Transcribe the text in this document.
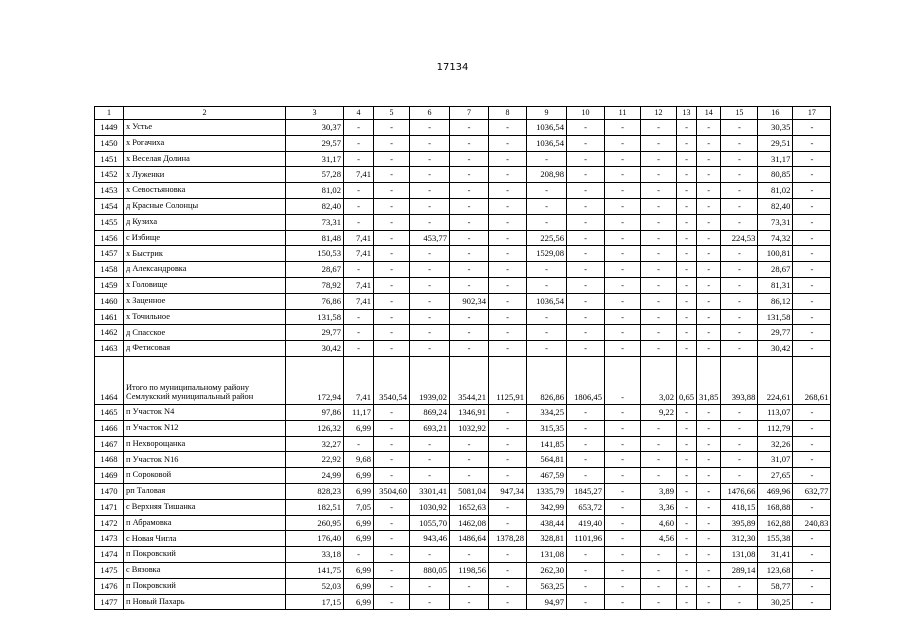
17134
1	2	3	4	5	6	7	8	9	10	11	12	13	14	15	16	17
1449	х Устье	30,37	-	-	-	-	-	1036,54	-	-	-	-	-	-	30,35	-
1450	х Рогачиха	29,57	-	-	-	-	-	1036,54	-	-	-	-	-	-	29,51	-
1451	х Веселая Долина	31,17	-	-	-	-	-	-	-	-	-	-	-	-	31,17	-
1452	х Луженки	57,28	7,41	-	-	-	-	208,98	-	-	-	-	-	-	80,85	-
1453	х Севостьяновка	81,02	-	-	-	-	-	-	-	-	-	-	-	-	81,02	-
1454	д Красные Солонцы	82,40	-	-	-	-	-	-	-	-	-	-	-	-	82,40	-
1455	д Кузиха	73,31	-	-	-	-	-	-	-	-	-	-	-	-	73,31	-
1456	с Избище	81,48	7,41	-	453,77	-	-	225,56	-	-	-	-	-	224,53	74,32	-
1457	х Быстрик	150,53	7,41	-	-	-	-	1529,08	-	-	-	-	-	-	100,81	-
1458	д Александровка	28,67	-	-	-	-	-	-	-	-	-	-	-	-	28,67	-
1459	х Головище	78,92	7,41	-	-	-	-	-	-	-	-	-	-	-	81,31	-
1460	х Заценное	76,86	7,41	-	-	902,34	-	1036,54	-	-	-	-	-	-	86,12	-
1461	х Точильное	131,58	-	-	-	-	-	-	-	-	-	-	-	-	131,58	-
1462	д Спасское	29,77	-	-	-	-	-	-	-	-	-	-	-	-	29,77	-
1463	д Фетисовая	30,42	-	-	-	-	-	-	-	-	-	-	-	-	30,42	-
1464	Итого по муниципальному району Семлукский муниципальный район	172,94	7,41	3540,54	1939,02	3544,21	1125,91	826,86	1806,45	-	3,02	0,65	31,85	393,88	224,61	268,61
1465	п Участок N4	97,86	11,17	-	869,24	1346,91	-	334,25	-	-	9,22	-	-	-	113,07	-
1466	п Участок N12	126,32	6,99	-	693,21	1032,92	-	315,35	-	-	-	-	-	-	112,79	-
1467	п Нехворощанка	32,27	-	-	-	-	-	141,85	-	-	-	-	-	-	32,26	-
1468	п Участок N16	22,92	9,68	-	-	-	-	564,81	-	-	-	-	-	-	31,07	-
1469	п Сороковой	24,99	6,99	-	-	-	-	467,59	-	-	-	-	-	-	27,65	-
1470	рп Таловая	828,23	6,99	3504,60	3301,41	5081,04	947,34	1335,79	1845,27	-	3,89	-	-	1476,66	469,96	632,77
1471	с Верхняя Тишанка	182,51	7,05	-	1030,92	1652,63	-	342,99	653,72	-	3,36	-	-	418,15	168,88	-
1472	п Абрамовка	260,95	6,99	-	1055,70	1462,08	-	438,44	419,40	-	4,60	-	-	395,89	162,88	240,83
1473	с Новая Чигла	176,40	6,99	-	943,46	1486,64	1378,28	328,81	1101,96	-	4,56	-	-	312,30	155,38	-
1474	п Покровский	33,18	-	-	-	-	-	131,08	-	-	-	-	-	131,08	31,41	-
1475	с Вязовка	141,75	6,99	-	880,05	1198,56	-	262,30	-	-	-	-	-	289,14	123,68	-
1476	п Покровский	52,03	6,99	-	-	-	-	563,25	-	-	-	-	-	-	58,77	-
1477	п Новый Пахарь	17,15	6,99	-	-	-	-	94,97	-	-	-	-	-	-	30,25	-
